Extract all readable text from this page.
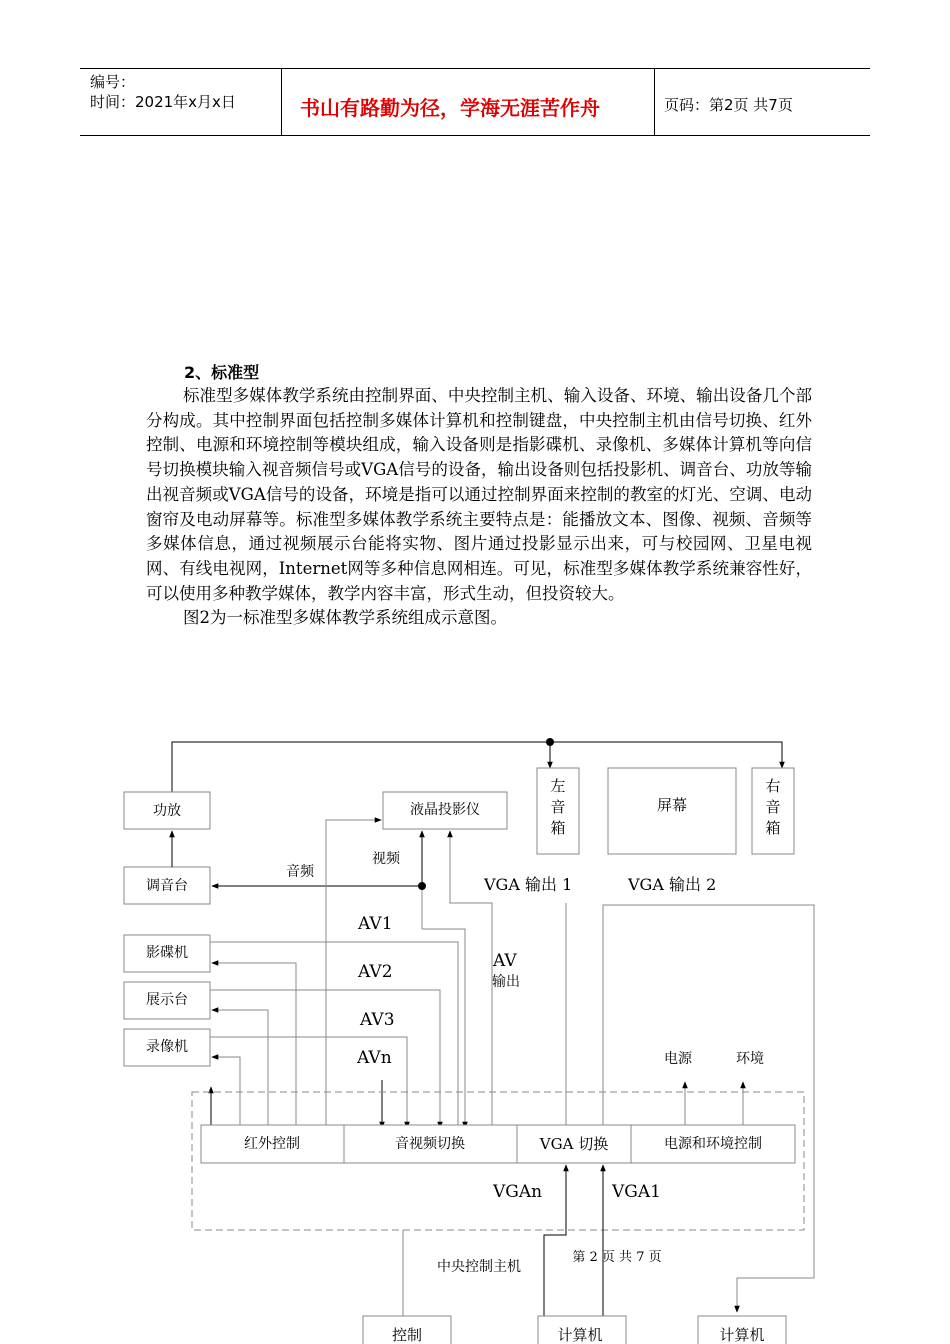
编号：
时间：2021年x月x日	书山有路勤为径，学海无涯苦作舟	页码：第2页 共7页
2、标准型

标准型多媒体教学系统由控制界面、中央控制主机、输入设备、环境、输出设备几个部分构成。其中控制界面包括控制多媒体计算机和控制键盘，中央控制主机由信号切换、红外控制、电源和环境控制等模块组成，输入设备则是指影碟机、录像机、多媒体计算机等向信号切换模块输入视音频信号或VGA信号的设备，输出设备则包括投影机、调音台、功放等输出视音频或VGA信号的设备，环境是指可以通过控制界面来控制的教室的灯光、空调、电动窗帘及电动屏幕等。标准型多媒体教学系统主要特点是：能播放文本、图像、视频、音频等多媒体信息，通过视频展示台能将实物、图片通过投影显示出来，可与校园网、卫星电视网、有线电视网，Internet网等多种信息网相连。可见，标准型多媒体教学系统兼容性好，可以使用多种教学媒体，教学内容丰富，形式生动，但投资较大。

图2为一标准型多媒体教学系统组成示意图。

功放
调音台
影碟机
展示台
录像机
液晶投影仪
左
音
箱
屏幕
右
音
箱
红外控制	音视频切换	VGA 切换	电源和环境控制
音频
视频
VGA 输出 1	VGA 输出 2
AV1
AV2
AV3
AVn
AV
输出
电源	环境
VGAn	VGA1
中央控制主机
第 2 页 共 7 页
控制	计算机	计算机
